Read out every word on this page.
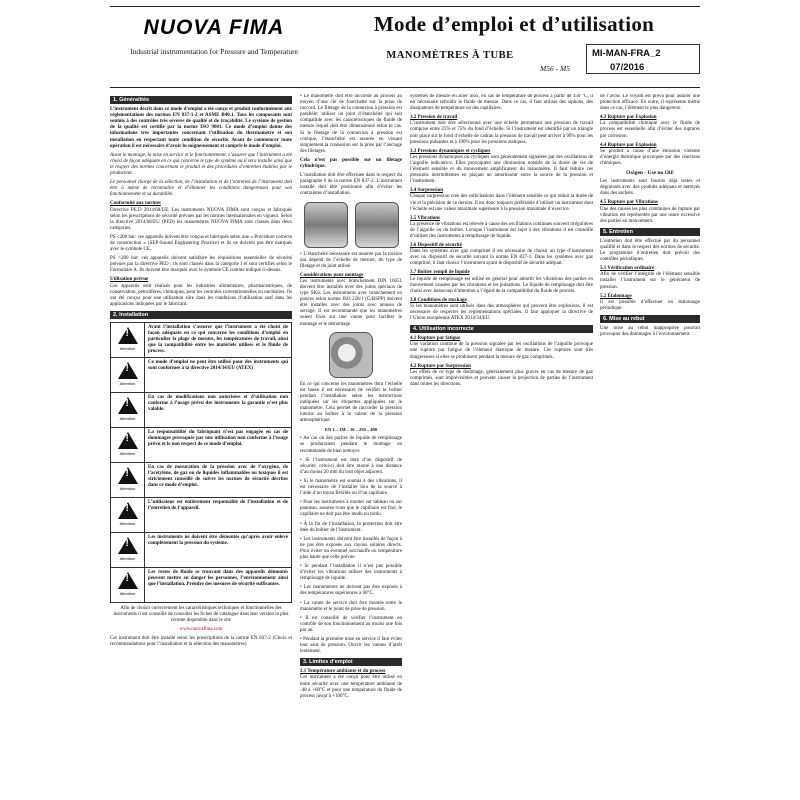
NUOVA FIMA
Industrial instrumentation for Pressure and Temperature
Mode d’emploi et d’utilisation
MANOMÈTRES À TUBE
M56 - M5
MI-MAN-FRA_2
07/2016
1. Généralités
L’instrument décrit dans ce mode d’emploi a été conçu et produit conformément aux réglementations des normes EN 837-1-2 et ASME B40.1. Tous les composants sont soumis à des contrôles très sévères de qualité et de traçabilité. Le système de gestion de la qualité est certifié par la norme ISO 9001. Ce mode d’emploi donne des informations très importantes concernant l’utilisation du thermomètre et son installation en respectant toute condition de sécurité. Avant de commencer toute opération il est nécessaire d’avoir lu soigneusement et compris le mode d’emploi.
Avant le montage, la mise en service et le fonctionnement, s’assurer que l’instrument a été choisi de façon adéquate en ce qui concerne le type de système où il sera installé ainsi que le respect des normes concernant le produit et des procédures d’entretien établies par le producteur.
Le personnel chargé de la sélection, de l’installation et de l’entretien de l’instrument doit être à même de reconnaître et d’éliminer les conditions dangereuses pour son fonctionnement et sa durabilité.
Conformité aux normes
Directive PE.D 2014/68/UE. Les instruments NUOVA FIMA sont conçus et fabriqués selon les prescriptions de sécurité prévues par les normes internationales en vigueur. Selon la directive 2014/68/EU (PED) les manomètres NUOVA FIMA sont classés dans deux catégories.
PS ≤200 bar: ces appareils doivent être conçus et fabriqués selon une « Procédure correcte de construction » (SEP-Sound Engineering Practice) et ils ne doivent pas être marqués avec le symbole CE.
PS >200 bar: ces appareils doivent satisfaire les réquisitions essentielles de sécurité prévues par la directive PED ; ils sont classés dans la catégorie I et sont certifiés selon le Formulaire A. Ils doivent être marqués avec le symbole CE comme indiqué ci-dessus.
Utilisation prévue
Ces appareils sont réalisés pour les industries alimentaires, pharmaceutiques, de conservation, pétrolifères, chimiques, pour les centrales conventionnelles ou nucléaires. Ils ont été conçus pour une utilisation sûre dans les conditions d’utilisation sauf dans les applications indiquées par le fabricant.
2. Installation
!
Attention
Avant l’installation s’assurer que l’instrument a été choisi de façon adéquate en ce qui concerne les conditions d’emploi en particulier la plage de mesure, les températures de travail, ainsi que la compatibilité entre les matériels utilisés et le fluide de process.
!
Attention
Ce mode d’emploi ne peut être utilisé pour des instruments qui sont conformes à la directive 2014/34/EU (ATEX)
!
Attention
En cas de modifications non autorisées et d’utilisation non conforme à l’usage prévu des instruments la garantie n’est plus valable.
!
Attention
La responsabilité du fabriquant n’est pas engagée en cas de dommages provoqués par une utilisation non conforme à l’usage prévu et le non respect de ce mode d’emploi.
!
Attention
En cas de mesuration de la pression avec de l’oxygène, de l’acétylène, de gaz ou de liquides inflammables ou toxiques il est strictement conseillé de suivre les normes de sécurité décrites dans ce mode d’emploi.
!
Attention
L’utilisateur est entièrement responsable de l’installation et de l’entretien de l’appareil.
!
Attention
Les instruments ne doivent être démontés qu’après avoir enlevé complètement la pression du système.
!
Attention
Les restes de fluide se trouvant dans des appareils démontés peuvent mettre en danger les personnes, l’environnement ainsi que l’installation. Prendre des mesures de sécurité suffisantes.
Afin de choisir correctement les caractéristiques techniques et fonctionnelles des instruments il est conseillé de consulter les fiches de catalogue dans leur version la plus récente disponible dans le site
www.nuovafima.com
Cet instrument doit être installé selon les prescriptions de la norme EN 837-2 (Choix et recommandations pour l’installation et la sélection des manomètres)
• Le manomètre doit être raccordé au process au moyen d’une clé de fourchette sur la prise de raccord. Le filetage de la connexion à pression est parallèle; utiliser un joint d’étanchéité qui soit compatible avec les caractéristiques du fluide de mesure lequel doit être dimensionné selon le cas. Si le filetage de la connexion à pression est conique, l’étanchéité est assurée en vissant simplement la connexion sur la prise par l’ancrage des filetages.
Cela n’est pas possible sur un filetage cylindrique.
L’installation doit être effectuée dans le respect du paragraphe 6 de la norme EN 837-2. L’instrument installé doit être positionné afin d’éviter les contraintes d’installation.
• L’étanchéité nécessaire est assurée par la torsion qui dépend de l’échelle de mesure, du type de filetage et du joint utilisé.
Considérations pour montage
Les instruments avec branchement DIN 16651 doivent être installés avec des joints spéciaux de type SKS. Les instruments avec branchement en pouces selon norme ISO 228/1 (G/BSPP) doivent être installés avec des joints avec anneau de serrage. Il est recommandé que les manomètres soient fixés sur une vanne pour faciliter le montage et le démontage.
En ce qui concerne les manomètres dont l’échelle est basse il est nécessaire de vérifier le boîtier pendant l’installation selon les instructions indiquées sur les étiquettes appliquées sur le manomètre. Cela permet de raccorder la pression interne au boîtier à la valeur de la pression atmosphérique.
EN 1 – 1M – 16 – 250 – 400
• Au cas où des parties de liquide de remplissage se produiraient pendant le montage on recommande de bien nettoyer.
• Si l’instrument est doté d’un dispositif de sécurité, celui-ci doit être monté à une distance d’au moins 20 mm du tout objet adjacent.
• Si le manomètre est soumis à des vibrations, il est nécessaire de l’installer loin de la source à l’aide d’un tuyau flexible ou d’un capillaire.
• Pour les instruments à monter sur tableau ou sur panneau, assurez-vous que le capillaire est fixé, le capillaire ne doit pas être tendu ou tordu.
• À la fin de l’installation, la protection doit être ôtée du boîtier de l’instrument.
• Les instruments doivent être installés de façon à ne pas être exposés aux rayons solaires directs. Pour éviter un éventuel surchauffe ou température plus haute que celle prévue.
• Si pendant l’installation il n’est pas possible d’éviter les vibrations utiliser des instruments à remplissage de liquide.
• Les manomètres ne doivent pas être exposés à des températures supérieures à 60°C.
• La vanne de service doit être montée entre le manomètre et le point de prise de pression.
• Il est conseillé de vérifier l’instrument en contrôle de son fonctionnement au moins une fois par an.
• Pendant la première mise en service il faut éviter tout saut de pression. Ouvrir les vannes d’arrêt lentement.
3. Limites d’emploi
3.1 Température ambiante et du process
Cet instrument a été conçu pour être utilisé en toute sécurité avec une température ambiante de -40 à +60°C et pour une température du fluide de process jusqu’à +100°C.
systèmes de mesure en acier inox, en cas de température de process à partir de 150 °C, il est nécessaire refroidir le fluide de mesure. Dans ce cas, il faut utiliser des siphons, des dissipateurs de température ou des capillaires.
3.2 Pression de travail
L’instrument doit être sélectionné avec une échelle permettant une pression de travail comprise entre 25% et 75% du fond d’échelle. Si l’instrument est identifié par un triangle noir placé sur le fond d’échelle de cadran la pression de travail peut arriver à 90% pour les pressions pulsantes et à 100% pour les pressions statiques.
3.3 Pressions dynamiques et cycliques
Les pressions dynamiques ou cycliques sont généralement signalées par des oscillations de l’aiguille indicatrice. Elles provoquent une diminution notable de la durée de vie de l’élément sensible et du mouvement amplificateur du manomètre. Il faut réduire ces pressions intermittentes en plaçant un amortisseur entre la source de la pression et l’instrument.
3.4 Surpression
Chaque surpression crée des sollicitations dans l’élément sensible ce qui réduit la durée de vie et la précision de ce dernier. Il est donc toujours préférable d’utiliser un instrument dont l’échelle est une valeur maximale supérieure à la pression maximale d’exercice.
3.5 Vibrations
La présence de vibrations est relevée à cause des oscillations continues souvent irrégulières de l’aiguille ou du boîtier. Lorsque l’instrument est sujet à des vibrations il est conseillé d’utiliser des instruments à remplissage de liquide.
3.6 Dispositif de sécurité
Dans les systèmes avec gaz comprimé il est nécessaire de choisir un type d’instrument avec un dispositif de sécurité suivant la norme EN 837-1. Dans les systèmes avec gaz comprimé, il faut choisir l’instrument ayant le dispositif de sécurité adéquat.
3.7 Boîtier rempli de liquide
Le liquide de remplissage est utilisé en général pour amortir les vibrations des parties en mouvement causées par les vibrations et les pulsations. Le liquide de remplissage doit être choisi avec beaucoup d’attention à l’égard de la compatibilité du fluide de process.
3.8 Conditions de stockage
Si les manomètres sont utilisés dans des atmosphères qui peuvent être explosives, il est nécessaire de respecter les réglementations spéciales. Il faut appliquer la directive de l’Union européenne ATEX 2014/34/EU.
4. Utilisation incorrecte
4.1 Rupture par fatigue
Une variation continue de la pression signalée par les oscillations de l’aiguille provoque une rupture par fatigue de l’élément élastique de mesure. Ces ruptures sont très dangereuses si elles se produisent pendant la mesure de gaz comprimés.
4.2 Rupture par Surpression
Les effets de ce type de dommage, généralement plus graves en cas de mesure de gaz comprimés, sont imprévisibles et peuvent causer la projection de parties de l’instrument dans toutes les directions.
de l’avoir. Le voyant est prévu pour assurer une protection efficace. En outre, il représente même dans ce cas, l’élément le plus dangereux.
4.3 Rupture par Explosion
La compatibilité chimique avec le fluide de process est essentielle afin d’éviter des ruptures par corrosion.
4.4 Rupture par Explosion
Se produit à cause d’une émission violente d’énergie thermique provoquée par des réactions chimiques.
Oxigen - Use no Oil!
Les instruments sont fournis déjà testés et dégraissés avec des produits adéquats et nettoyés dans des sachets.
4.5 Rupture par Vibrations
Une des causes les plus communes de rupture par vibration est représentée par une usure excessive des parties en mouvement.
5. Entretien
L’entretien doit être effectué par du personnel qualifié et dans le respect des normes de sécurité. Le programme d’entretien doit prévoir des contrôles périodiques.
5.1 Vérification ordinaire
Afin de vérifier l’intégrité de l’élément sensible installer l’instrument sur le générateur de pression.
5.2 Étalonnage
Il est possible d’effectuer un étalonnage périodique.
6. Mise au rebut
Une mise au rebut inappropriée pourrait provoquer des dommages à l’environnement.
